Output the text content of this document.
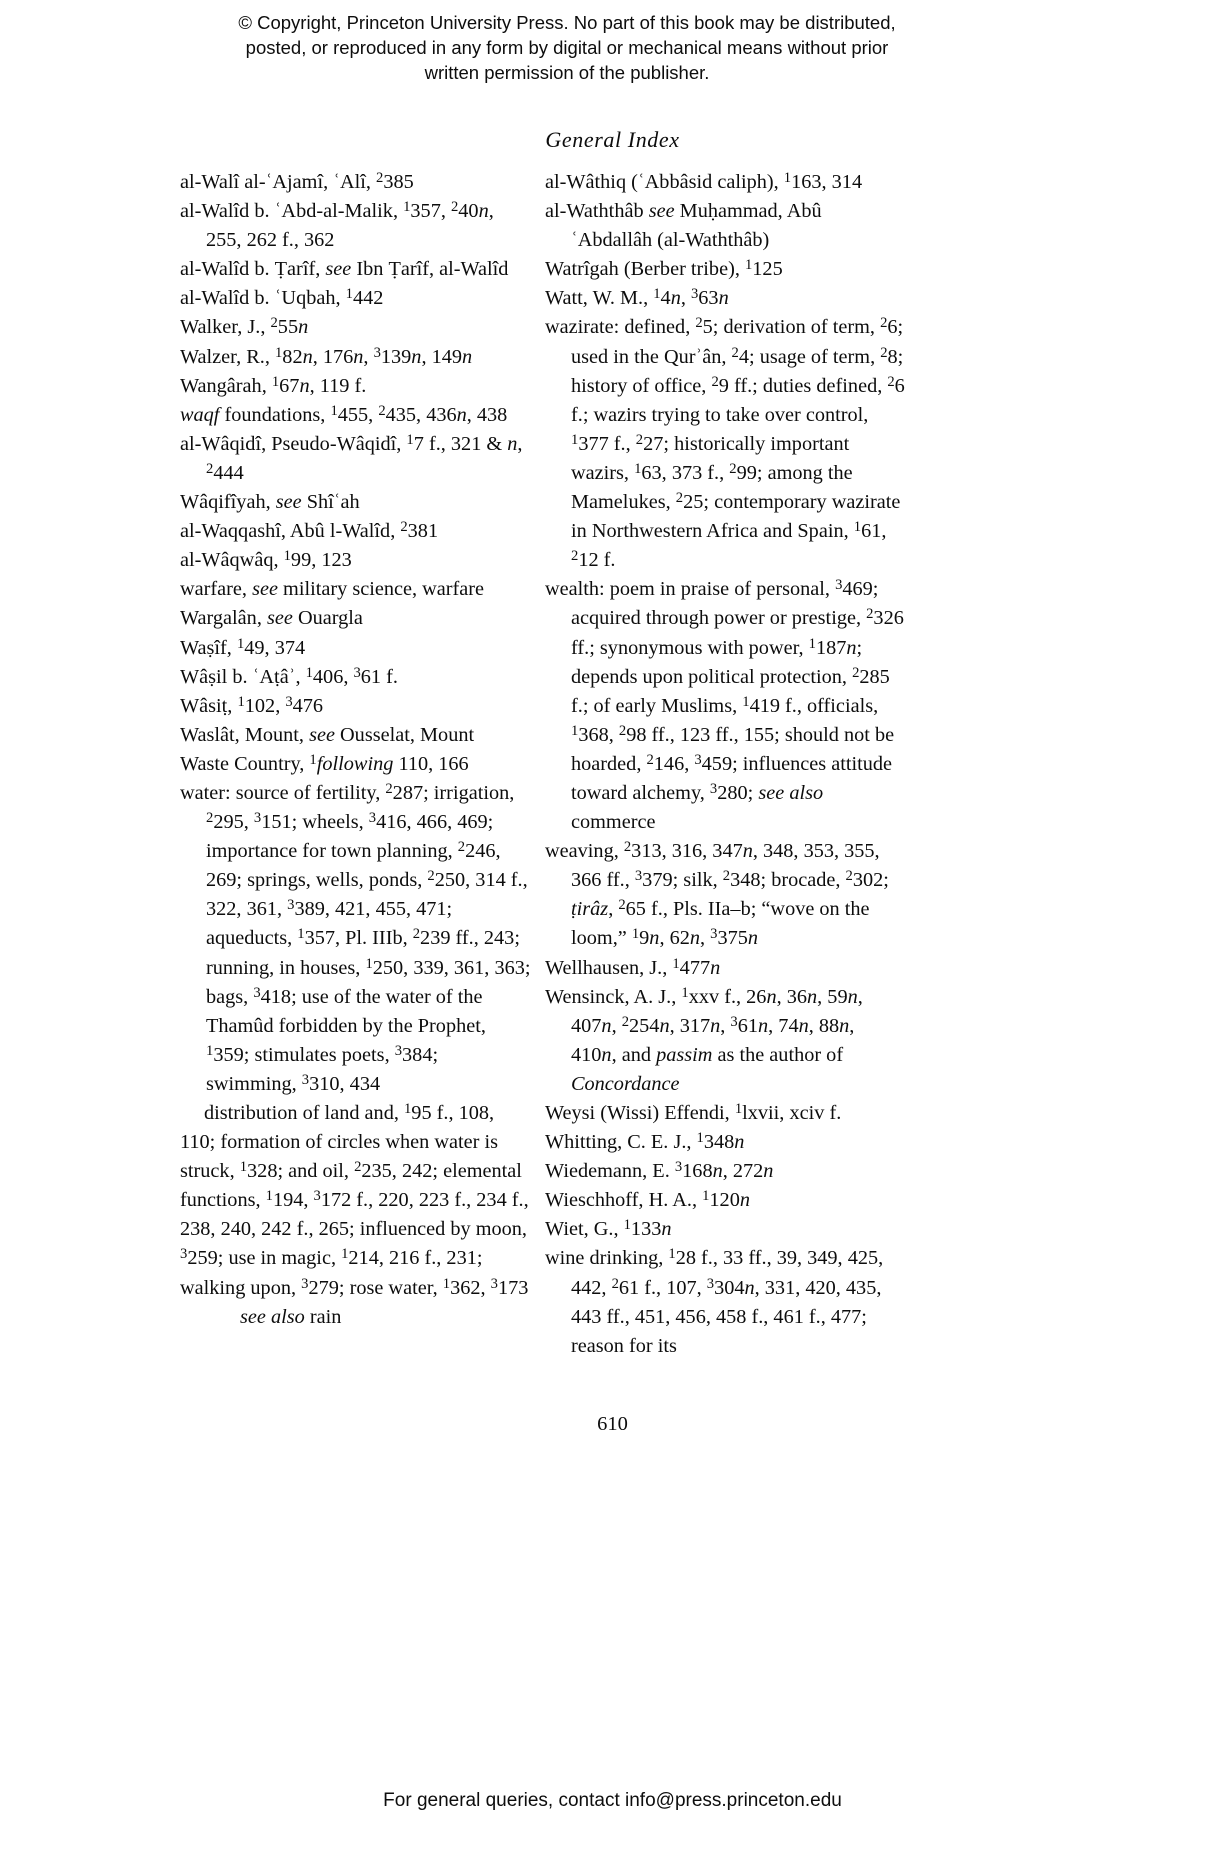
© Copyright, Princeton University Press. No part of this book may be distributed, posted, or reproduced in any form by digital or mechanical means without prior written permission of the publisher.
General Index
al-Walî al-ʿAjamî, ʿAlî, $^2$385
al-Walîd b. ʿAbd-al-Malik, $^1$357, $^2$40n, 255, 262 f., 362
al-Walîd b. Ṭarîf, see Ibn Ṭarîf, al-Walîd
al-Walîd b. ʿUqbah, $^1$442
Walker, J., $^2$55n
Walzer, R., $^1$82n, 176n, $^3$139n, 149n
Wangârah, $^1$67n, 119 f.
waqf foundations, $^1$455, $^2$435, 436n, 438
al-Wâqidî, Pseudo-Wâqidî, $^1$7 f., 321 & n, $^2$444
Wâqifîyah, see Shîʿah
al-Waqqashî, Abû l-Walîd, $^2$381
al-Wâqwâq, $^1$99, 123
warfare, see military science, warfare
Wargalân, see Ouargla
Waṣîf, $^1$49, 374
Wâṣil b. ʿAṭâʾ, $^1$406, $^3$61 f.
Wâsiṭ, $^1$102, $^3$476
Waslât, Mount, see Ousselat, Mount
Waste Country, $^1$following 110, 166
water: source of fertility, $^2$287; irrigation, $^2$295, $^3$151; wheels, $^3$416, 466, 469; importance for town planning, $^2$246, 269; springs, wells, ponds, $^2$250, 314 f., 322, 361, $^3$389, 421, 455, 471; aqueducts, $^1$357, Pl. IIIb, $^2$239 ff., 243; running, in houses, $^1$250, 339, 361, 363; bags, $^3$418; use of the water of the Thamûd forbidden by the Prophet, $^1$359; stimulates poets, $^3$384; swimming, $^3$310, 434
distribution of land and, $^1$95 f., 108, 110; formation of circles when water is struck, $^1$328; and oil, $^2$235, 242; elemental functions, $^1$194, $^3$172 f., 220, 223 f., 234 f., 238, 240, 242 f., 265; influenced by moon, $^3$259; use in magic, $^1$214, 216 f., 231; walking upon, $^3$279; rose water, $^1$362, $^3$173
see also rain
al-Wâthiq (ʿAbbâsid caliph), $^1$163, 314
al-Waththâb see Muḥammad, Abû ʿAbdallâh (al-Waththâb)
Watrîgah (Berber tribe), $^1$125
Watt, W. M., $^1$4n, $^3$63n
wazirate: defined, $^2$5; derivation of term, $^2$6; used in the Qurʾân, $^2$4; usage of term, $^2$8; history of office, $^2$9 ff.; duties defined, $^2$6 f.; wazirs trying to take over control, $^1$377 f., $^2$27; historically important wazirs, $^1$63, 373 f., $^2$99; among the Mamelukes, $^2$25; contemporary wazirate in Northwestern Africa and Spain, $^1$61, $^2$12 f.
wealth: poem in praise of personal, $^3$469; acquired through power or prestige, $^2$326 ff.; synonymous with power, $^1$187n; depends upon political protection, $^2$285 f.; of early Muslims, $^1$419 f., officials, $^1$368, $^2$98 ff., 123 ff., 155; should not be hoarded, $^2$146, $^3$459; influences attitude toward alchemy, $^3$280; see also commerce
weaving, $^2$313, 316, 347n, 348, 353, 355, 366 ff., $^3$379; silk, $^2$348; brocade, $^2$302; ṭirâz, $^2$65 f., Pls. IIa–b; “wove on the loom,” $^1$9n, 62n, $^3$375n
Wellhausen, J., $^1$477n
Wensinck, A. J., $^1$xxv f., 26n, 36n, 59n, 407n, $^2$254n, 317n, $^3$61n, 74n, 88n, 410n, and passim as the author of Concordance
Weysi (Wissi) Effendi, $^1$lxvii, xciv f.
Whitting, C. E. J., $^1$348n
Wiedemann, E. $^3$168n, 272n
Wieschhoff, H. A., $^1$120n
Wiet, G., $^1$133n
wine drinking, $^1$28 f., 33 ff., 39, 349, 425, 442, $^2$61 f., 107, $^3$304n, 331, 420, 435, 443 ff., 451, 456, 458 f., 461 f., 477; reason for its
610
For general queries, contact info@press.princeton.edu
